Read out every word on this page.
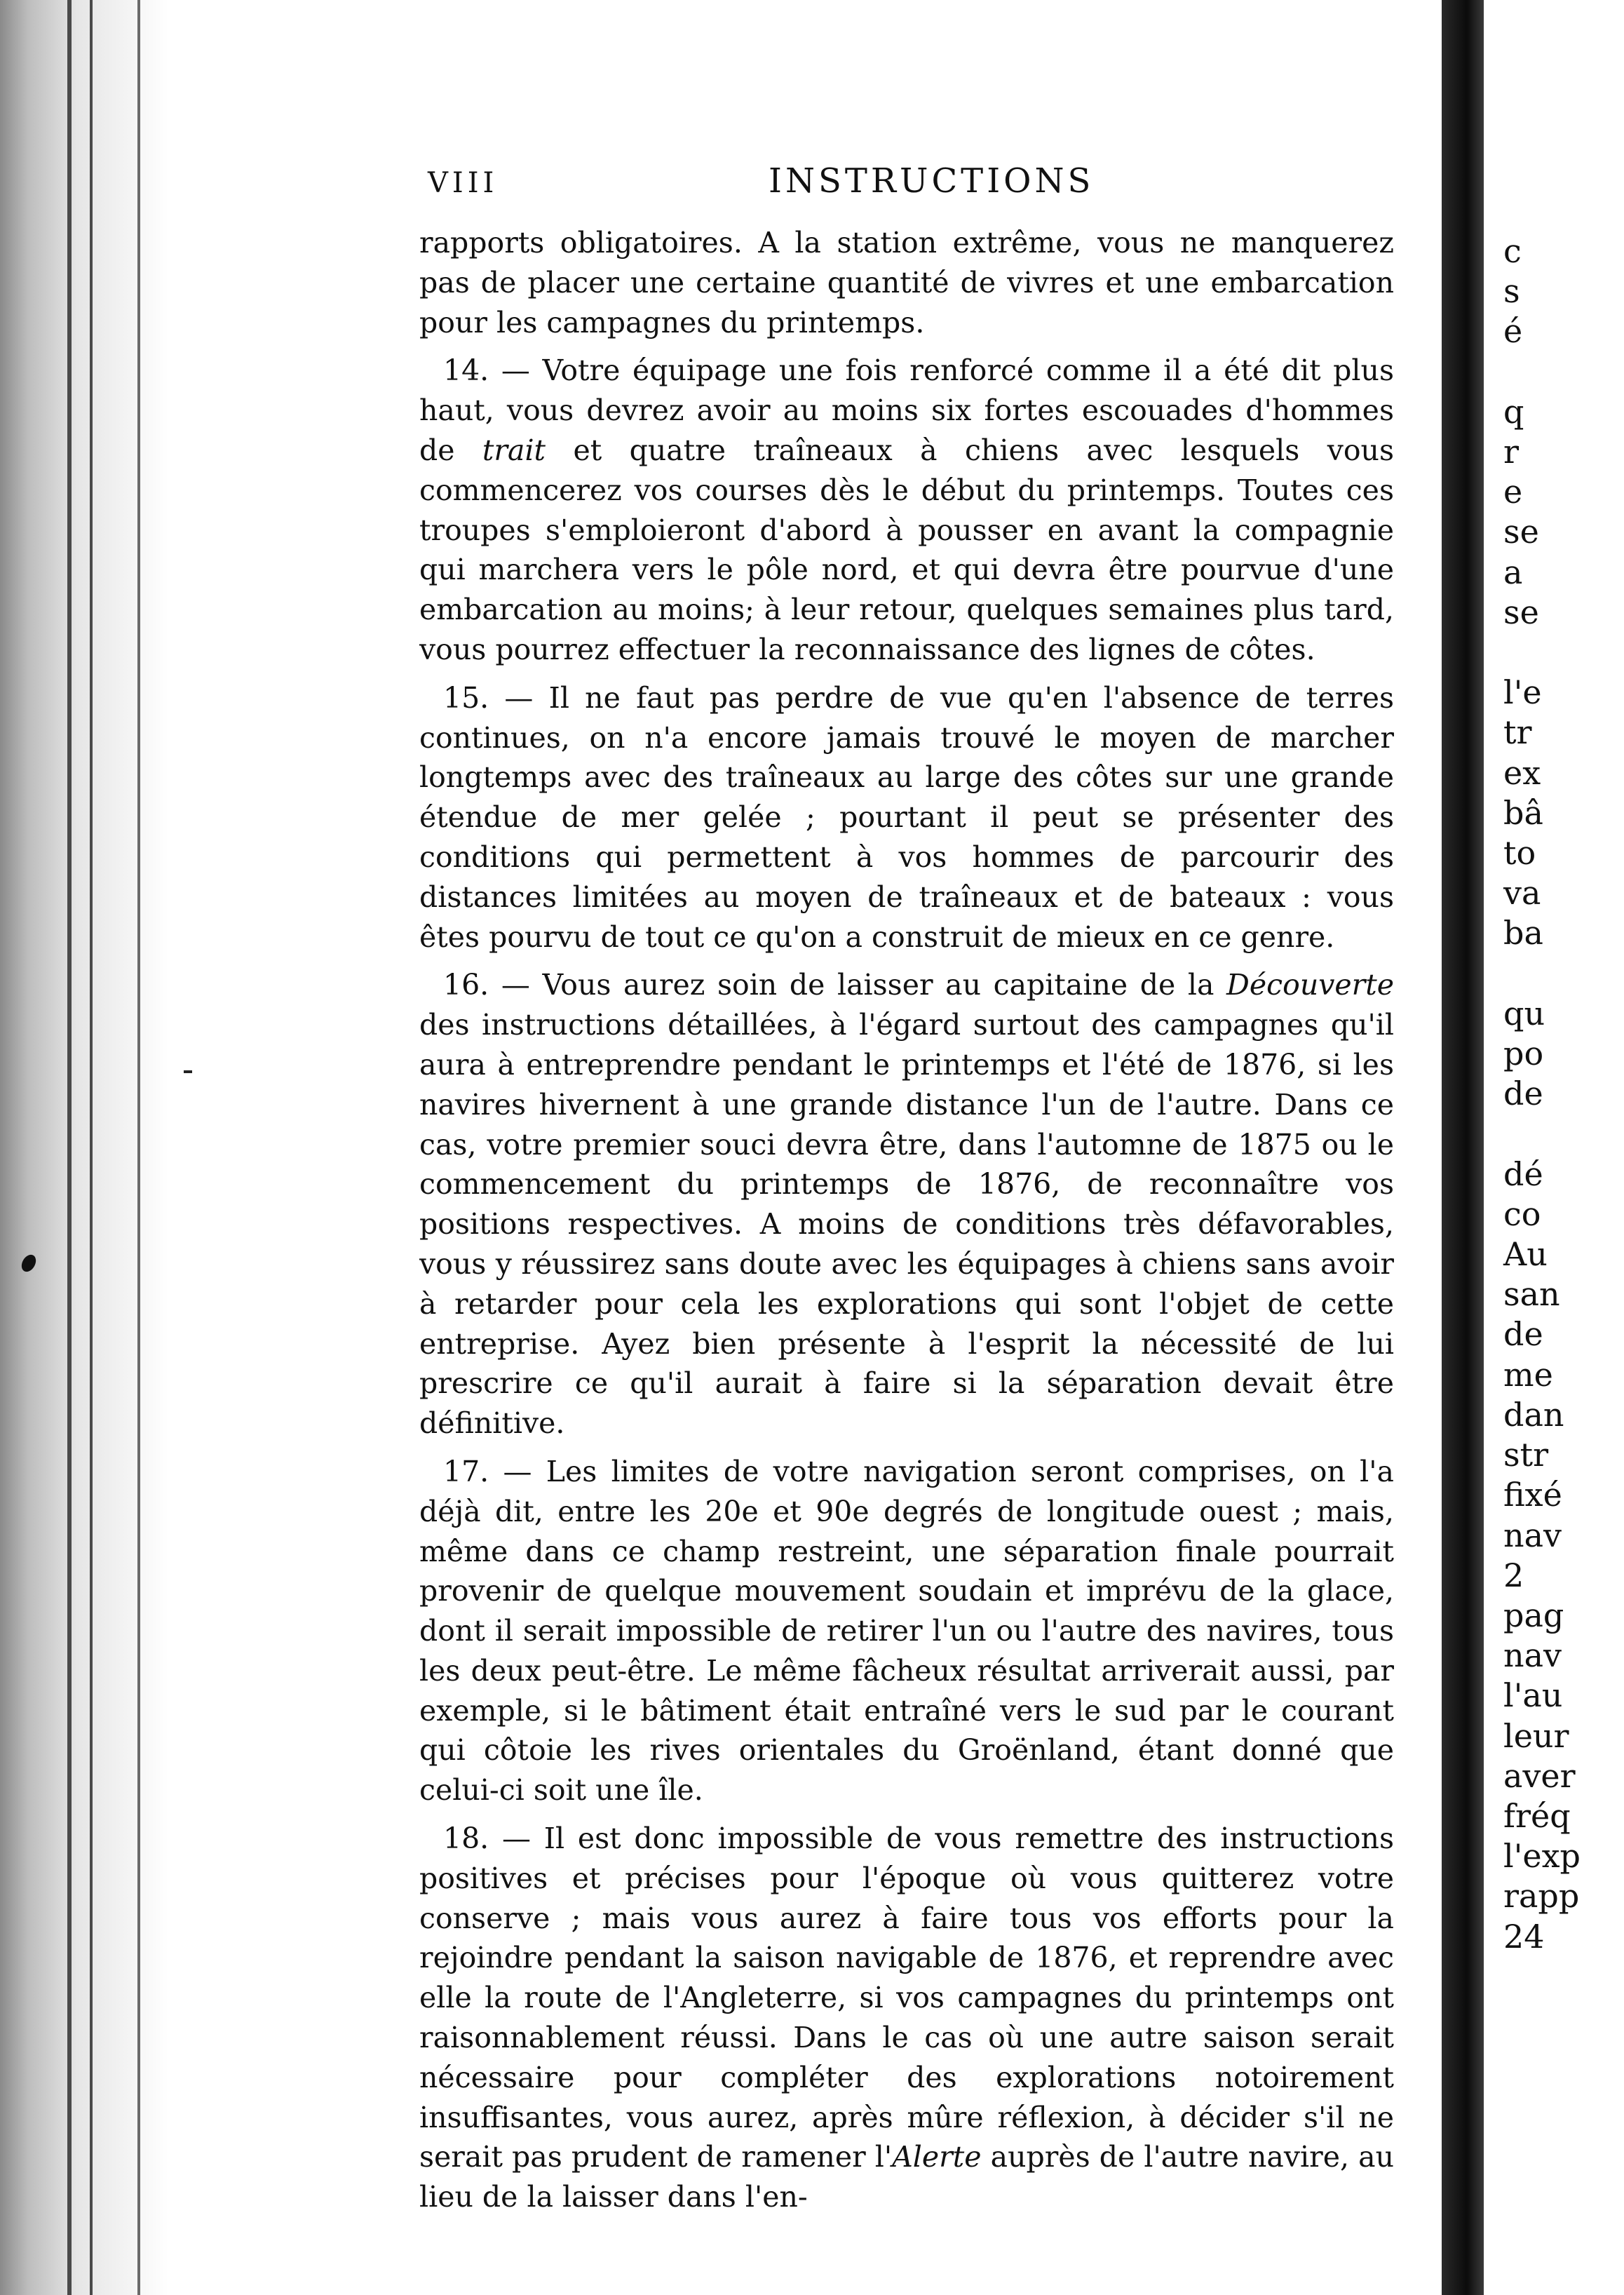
VIII	INSTRUCTIONS

rapports obligatoires. A la station extrême, vous ne manquerez pas de placer une certaine quantité de vivres et une embarcation pour les campagnes du printemps.

14. — Votre équipage une fois renforcé comme il a été dit plus haut, vous devrez avoir au moins six fortes escouades d'hommes de trait et quatre traîneaux à chiens avec lesquels vous commencerez vos courses dès le début du printemps. Toutes ces troupes s'emploieront d'abord à pousser en avant la compagnie qui marchera vers le pôle nord, et qui devra être pourvue d'une embarcation au moins; à leur retour, quelques semaines plus tard, vous pourrez effectuer la reconnaissance des lignes de côtes.

15. — Il ne faut pas perdre de vue qu'en l'absence de terres continues, on n'a encore jamais trouvé le moyen de marcher longtemps avec des traîneaux au large des côtes sur une grande étendue de mer gelée ; pourtant il peut se présenter des conditions qui permettent à vos hommes de parcourir des distances limitées au moyen de traîneaux et de bateaux : vous êtes pourvu de tout ce qu'on a construit de mieux en ce genre.

16. — Vous aurez soin de laisser au capitaine de la Découverte des instructions détaillées, à l'égard surtout des campagnes qu'il aura à entreprendre pendant le printemps et l'été de 1876, si les navires hivernent à une grande distance l'un de l'autre. Dans ce cas, votre premier souci devra être, dans l'automne de 1875 ou le commencement du printemps de 1876, de reconnaître vos positions respectives. A moins de conditions très défavorables, vous y réussirez sans doute avec les équipages à chiens sans avoir à retarder pour cela les explorations qui sont l'objet de cette entreprise. Ayez bien présente à l'esprit la nécessité de lui prescrire ce qu'il aurait à faire si la séparation devait être définitive.

17. — Les limites de votre navigation seront comprises, on l'a déjà dit, entre les 20e et 90e degrés de longitude ouest ; mais, même dans ce champ restreint, une séparation finale pourrait provenir de quelque mouvement soudain et imprévu de la glace, dont il serait impossible de retirer l'un ou l'autre des navires, tous les deux peut-être. Le même fâcheux résultat arriverait aussi, par exemple, si le bâtiment était entraîné vers le sud par le courant qui côtoie les rives orientales du Groënland, étant donné que celui-ci soit une île.

18. — Il est donc impossible de vous remettre des instructions positives et précises pour l'époque où vous quitterez votre conserve ; mais vous aurez à faire tous vos efforts pour la rejoindre pendant la saison navigable de 1876, et reprendre avec elle la route de l'Angleterre, si vos campagnes du printemps ont raisonnablement réussi. Dans le cas où une autre saison serait nécessaire pour compléter des explorations notoirement insuffisantes, vous aurez, après mûre réflexion, à décider s'il ne serait pas prudent de ramener l'Alerte auprès de l'autre navire, au lieu de la laisser dans l'en-

c
s
é

q
r
e
se
a
se

l'e
tr
ex
bâ
to
va
ba

qu
po
de

dé
co
Au
san
de
me
dan
str
fixé
nav
2
pag
nav
l'au
leur
aver
fréq
l'exp
rapp
24
